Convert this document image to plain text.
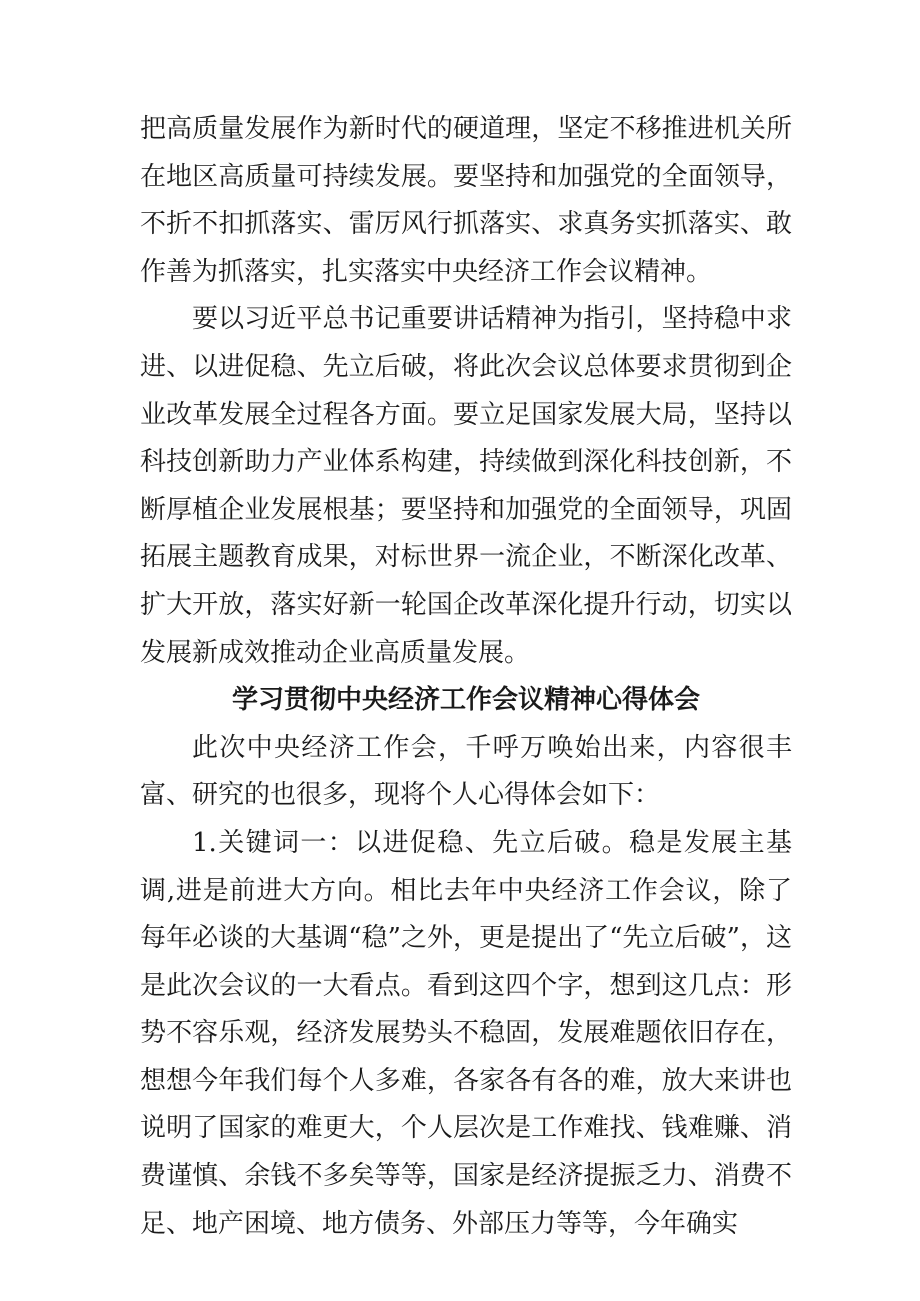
把高质量发展作为新时代的硬道理，坚定不移推进机关所在地区高质量可持续发展。要坚持和加强党的全面领导，不折不扣抓落实、雷厉风行抓落实、求真务实抓落实、敢作善为抓落实，扎实落实中央经济工作会议精神。

要以习近平总书记重要讲话精神为指引，坚持稳中求进、以进促稳、先立后破，将此次会议总体要求贯彻到企业改革发展全过程各方面。要立足国家发展大局，坚持以科技创新助力产业体系构建，持续做到深化科技创新，不断厚植企业发展根基；要坚持和加强党的全面领导，巩固拓展主题教育成果，对标世界一流企业，不断深化改革、扩大开放，落实好新一轮国企改革深化提升行动，切实以发展新成效推动企业高质量发展。

学习贯彻中央经济工作会议精神心得体会

此次中央经济工作会，千呼万唤始出来，内容很丰富、研究的也很多，现将个人心得体会如下：

1.关键词一：以进促稳、先立后破。稳是发展主基调,进是前进大方向。相比去年中央经济工作会议，除了每年必谈的大基调“稳”之外，更是提出了“先立后破”，这是此次会议的一大看点。看到这四个字，想到这几点：形势不容乐观，经济发展势头不稳固，发展难题依旧存在，想想今年我们每个人多难，各家各有各的难，放大来讲也说明了国家的难更大，个人层次是工作难找、钱难赚、消费谨慎、余钱不多矣等等，国家是经济提振乏力、消费不足、地产困境、地方债务、外部压力等等，今年确实
